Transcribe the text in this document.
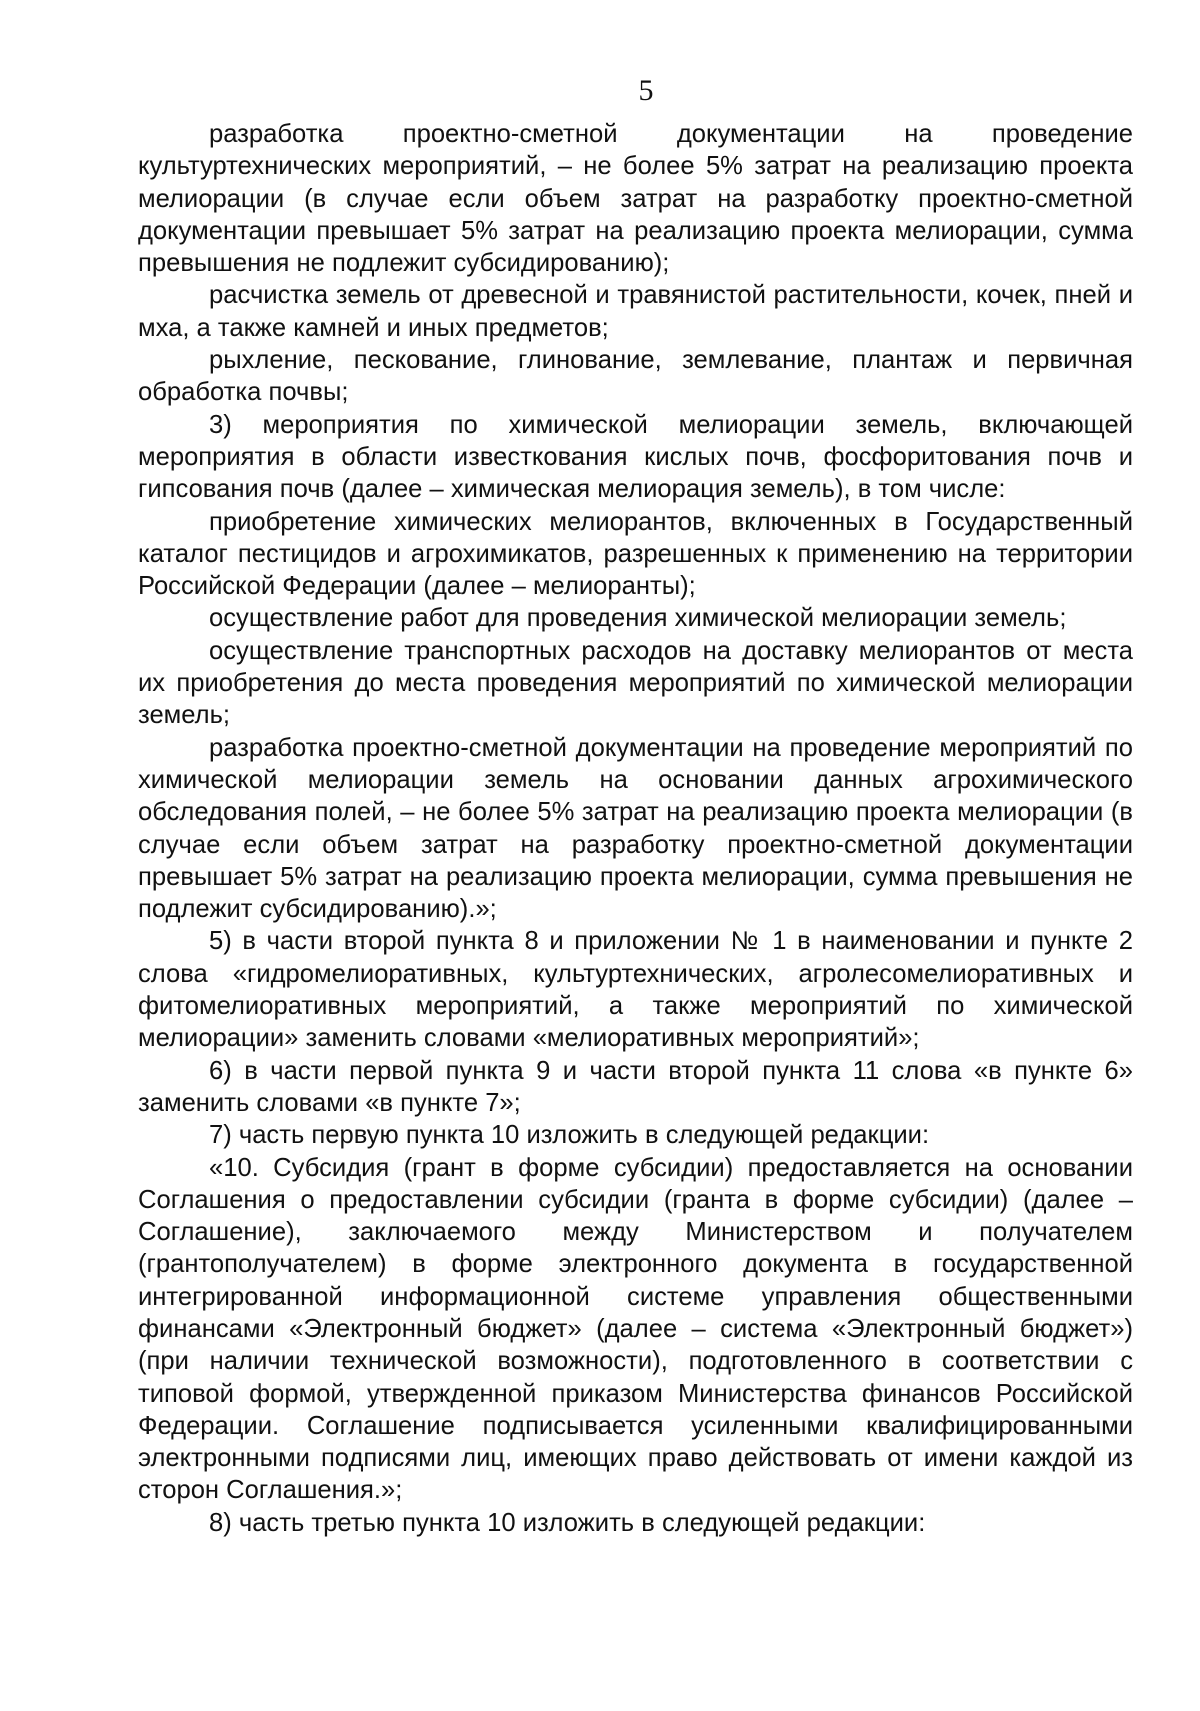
5

разработка проектно-сметной документации на проведение культуртехнических мероприятий, – не более 5% затрат на реализацию проекта мелиорации (в случае если объем затрат на разработку проектно-сметной документации превышает 5% затрат на реализацию проекта мелиорации, сумма превышения не подлежит субсидированию);

расчистка земель от древесной и травянистой растительности, кочек, пней и мха, а также камней и иных предметов;

рыхление, пескование, глинование, землевание, плантаж и первичная обработка почвы;

3) мероприятия по химической мелиорации земель, включающей мероприятия в области известкования кислых почв, фосфоритования почв и гипсования почв (далее – химическая мелиорация земель), в том числе:

приобретение химических мелиорантов, включенных в Государственный каталог пестицидов и агрохимикатов, разрешенных к применению на территории Российской Федерации (далее – мелиоранты);

осуществление работ для проведения химической мелиорации земель;

осуществление транспортных расходов на доставку мелиорантов от места их приобретения до места проведения мероприятий по химической мелиорации земель;

разработка проектно-сметной документации на проведение мероприятий по химической мелиорации земель на основании данных агрохимического обследования полей, – не более 5% затрат на реализацию проекта мелиорации (в случае если объем затрат на разработку проектно-сметной документации превышает 5% затрат на реализацию проекта мелиорации, сумма превышения не подлежит субсидированию).»;

5) в части второй пункта 8 и приложении № 1 в наименовании и пункте 2 слова «гидромелиоративных, культуртехнических, агролесомелиоративных и фитомелиоративных мероприятий, а также мероприятий по химической мелиорации» заменить словами «мелиоративных мероприятий»;

6) в части первой пункта 9 и части второй пункта 11 слова «в пункте 6» заменить словами «в пункте 7»;

7) часть первую пункта 10 изложить в следующей редакции:

«10. Субсидия (грант в форме субсидии) предоставляется на основании Соглашения о предоставлении субсидии (гранта в форме субсидии) (далее – Соглашение), заключаемого между Министерством и получателем (грантополучателем) в форме электронного документа в государственной интегрированной информационной системе управления общественными финансами «Электронный бюджет» (далее – система «Электронный бюджет») (при наличии технической возможности), подготовленного в соответствии с типовой формой, утвержденной приказом Министерства финансов Российской Федерации. Соглашение подписывается усиленными квалифицированными электронными подписями лиц, имеющих право действовать от имени каждой из сторон Соглашения.»;

8) часть третью пункта 10 изложить в следующей редакции:
